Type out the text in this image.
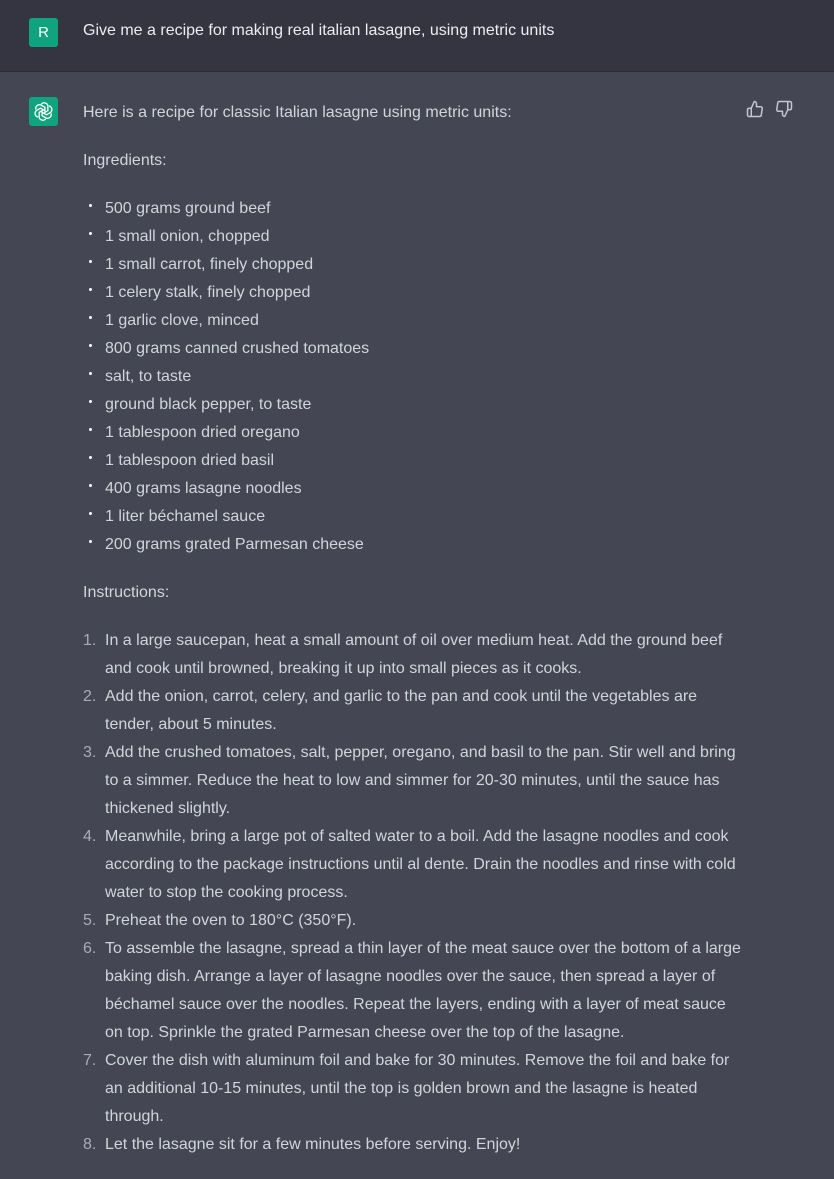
R	Give me a recipe for making real italian lasagne, using metric units

Here is a recipe for classic Italian lasagne using metric units:

Ingredients:

500 grams ground beef
1 small onion, chopped
1 small carrot, finely chopped
1 celery stalk, finely chopped
1 garlic clove, minced
800 grams canned crushed tomatoes
salt, to taste
ground black pepper, to taste
1 tablespoon dried oregano
1 tablespoon dried basil
400 grams lasagne noodles
1 liter béchamel sauce
200 grams grated Parmesan cheese

Instructions:

1. In a large saucepan, heat a small amount of oil over medium heat. Add the ground beef and cook until browned, breaking it up into small pieces as it cooks.
2. Add the onion, carrot, celery, and garlic to the pan and cook until the vegetables are tender, about 5 minutes.
3. Add the crushed tomatoes, salt, pepper, oregano, and basil to the pan. Stir well and bring to a simmer. Reduce the heat to low and simmer for 20-30 minutes, until the sauce has thickened slightly.
4. Meanwhile, bring a large pot of salted water to a boil. Add the lasagne noodles and cook according to the package instructions until al dente. Drain the noodles and rinse with cold water to stop the cooking process.
5. Preheat the oven to 180°C (350°F).
6. To assemble the lasagne, spread a thin layer of the meat sauce over the bottom of a large baking dish. Arrange a layer of lasagne noodles over the sauce, then spread a layer of béchamel sauce over the noodles. Repeat the layers, ending with a layer of meat sauce on top. Sprinkle the grated Parmesan cheese over the top of the lasagne.
7. Cover the dish with aluminum foil and bake for 30 minutes. Remove the foil and bake for an additional 10-15 minutes, until the top is golden brown and the lasagne is heated through.
8. Let the lasagne sit for a few minutes before serving. Enjoy!
